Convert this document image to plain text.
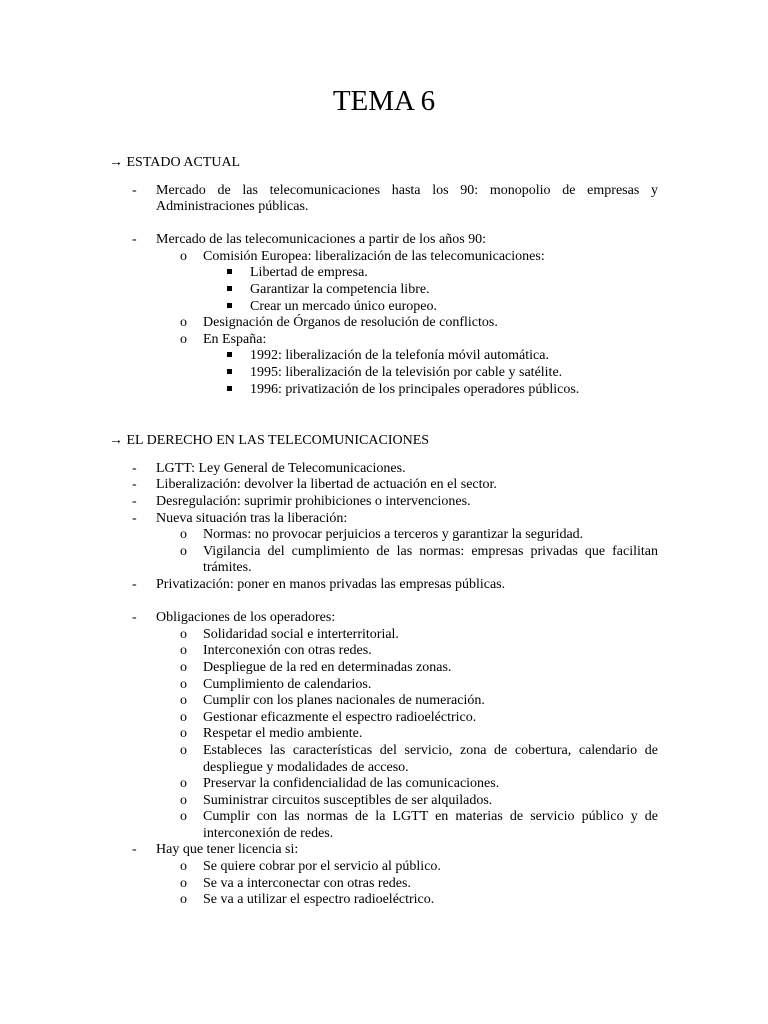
TEMA 6
→ ESTADO ACTUAL
- Mercado de las telecomunicaciones hasta los 90: monopolio de empresas y
Administraciones públicas.
- Mercado de las telecomunicaciones a partir de los años 90:
o Comisión Europea: liberalización de las telecomunicaciones:
Libertad de empresa.
Garantizar la competencia libre.
Crear un mercado único europeo.
o Designación de Órganos de resolución de conflictos.
o En España:
1992: liberalización de la telefonía móvil automática.
1995: liberalización de la televisión por cable y satélite.
1996: privatización de los principales operadores públicos.
→ EL DERECHO EN LAS TELECOMUNICACIONES
- LGTT: Ley General de Telecomunicaciones.
- Liberalización: devolver la libertad de actuación en el sector.
- Desregulación: suprimir prohibiciones o intervenciones.
- Nueva situación tras la liberación:
o Normas: no provocar perjuicios a terceros y garantizar la seguridad.
o Vigilancia del cumplimiento de las normas: empresas privadas que facilitan
trámites.
- Privatización: poner en manos privadas las empresas públicas.
- Obligaciones de los operadores:
o Solidaridad social e interterritorial.
o Interconexión con otras redes.
o Despliegue de la red en determinadas zonas.
o Cumplimiento de calendarios.
o Cumplir con los planes nacionales de numeración.
o Gestionar eficazmente el espectro radioeléctrico.
o Respetar el medio ambiente.
o Estableces las características del servicio, zona de cobertura, calendario de
despliegue y modalidades de acceso.
o Preservar la confidencialidad de las comunicaciones.
o Suministrar circuitos susceptibles de ser alquilados.
o Cumplir con las normas de la LGTT en materias de servicio público y de
interconexión de redes.
- Hay que tener licencia si:
o Se quiere cobrar por el servicio al público.
o Se va a interconectar con otras redes.
o Se va a utilizar el espectro radioeléctrico.
